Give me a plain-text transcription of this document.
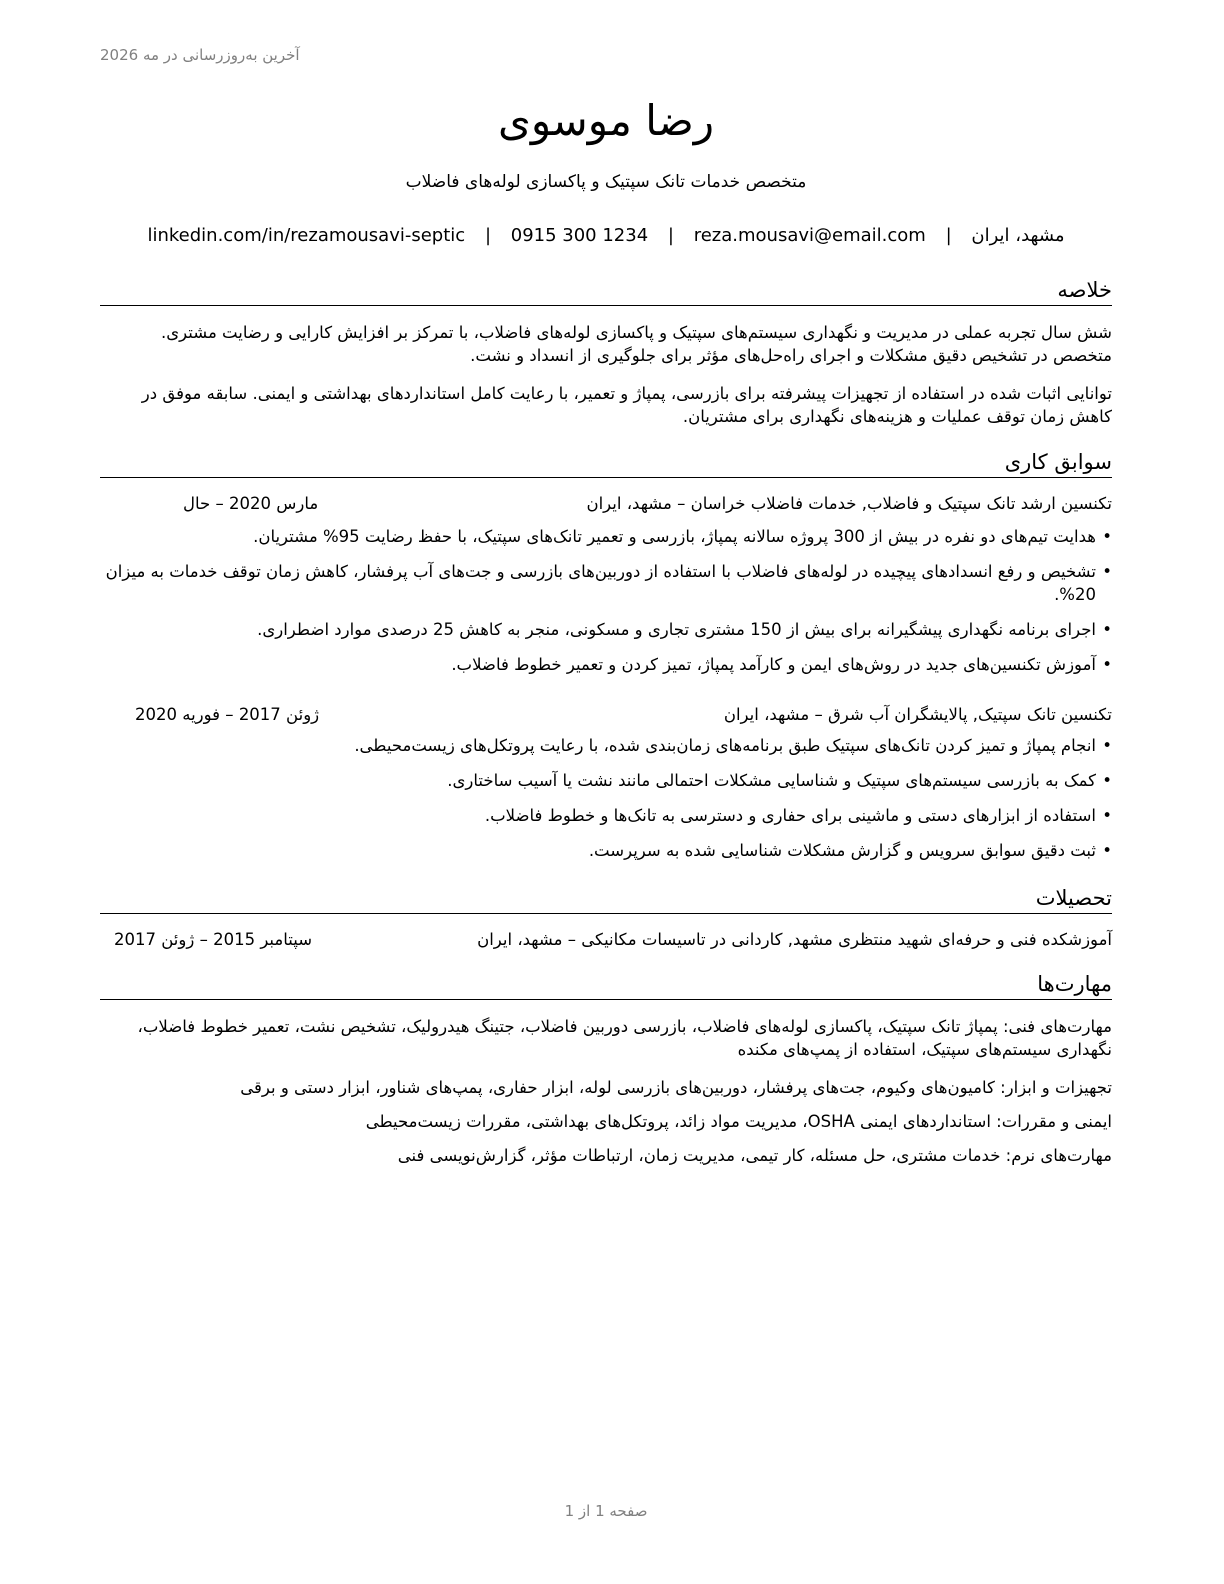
آخرین به‌روزرسانی در مه 2026
رضا موسوی
متخصص خدمات تانک سپتیک و پاکسازی لوله‌های فاضلاب
مشهد، ایران | reza.mousavi@email.com | 0915 300 1234 | linkedin.com/in/rezamousavi-septic
خلاصه
شش سال تجربه عملی در مدیریت و نگهداری سیستم‌های سپتیک و پاکسازی لوله‌های فاضلاب، با تمرکز بر افزایش کارایی و رضایت مشتری. متخصص در تشخیص دقیق مشکلات و اجرای راه‌حل‌های مؤثر برای جلوگیری از انسداد و نشت.
توانایی اثبات شده در استفاده از تجهیزات پیشرفته برای بازرسی، پمپاژ و تعمیر، با رعایت کامل استانداردهای بهداشتی و ایمنی. سابقه موفق در کاهش زمان توقف عملیات و هزینه‌های نگهداری برای مشتریان.
سوابق کاری
تکنسین ارشد تانک سپتیک و فاضلاب, خدمات فاضلاب خراسان – مشهد، ایران
مارس 2020 – حال
•
هدایت تیم‌های دو نفره در بیش از 300 پروژه سالانه پمپاژ، بازرسی و تعمیر تانک‌های سپتیک، با حفظ رضایت 95% مشتریان.
•
تشخیص و رفع انسدادهای پیچیده در لوله‌های فاضلاب با استفاده از دوربین‌های بازرسی و جت‌های آب پرفشار، کاهش زمان توقف خدمات به میزان 20%.
•
اجرای برنامه نگهداری پیشگیرانه برای بیش از 150 مشتری تجاری و مسکونی، منجر به کاهش 25 درصدی موارد اضطراری.
•
آموزش تکنسین‌های جدید در روش‌های ایمن و کارآمد پمپاژ، تمیز کردن و تعمیر خطوط فاضلاب.
تکنسین تانک سپتیک, پالایشگران آب شرق – مشهد، ایران
ژوئن 2017 – فوریه 2020
•
انجام پمپاژ و تمیز کردن تانک‌های سپتیک طبق برنامه‌های زمان‌بندی شده، با رعایت پروتکل‌های زیست‌محیطی.
•
کمک به بازرسی سیستم‌های سپتیک و شناسایی مشکلات احتمالی مانند نشت یا آسیب ساختاری.
•
استفاده از ابزارهای دستی و ماشینی برای حفاری و دسترسی به تانک‌ها و خطوط فاضلاب.
•
ثبت دقیق سوابق سرویس و گزارش مشکلات شناسایی شده به سرپرست.
تحصیلات
آموزشکده فنی و حرفه‌ای شهید منتظری مشهد, کاردانی در تاسیسات مکانیکی – مشهد، ایران
سپتامبر 2015 – ژوئن 2017
مهارت‌ها
مهارت‌های فنی: پمپاژ تانک سپتیک، پاکسازی لوله‌های فاضلاب، بازرسی دوربین فاضلاب، جتینگ هیدرولیک، تشخیص نشت، تعمیر خطوط فاضلاب، نگهداری سیستم‌های سپتیک، استفاده از پمپ‌های مکنده
تجهیزات و ابزار: کامیون‌های وکیوم، جت‌های پرفشار، دوربین‌های بازرسی لوله، ابزار حفاری، پمپ‌های شناور، ابزار دستی و برقی
ایمنی و مقررات: استانداردهای ایمنی OSHA، مدیریت مواد زائد، پروتکل‌های بهداشتی، مقررات زیست‌محیطی
مهارت‌های نرم: خدمات مشتری، حل مسئله، کار تیمی، مدیریت زمان، ارتباطات مؤثر، گزارش‌نویسی فنی
صفحه 1 از 1
